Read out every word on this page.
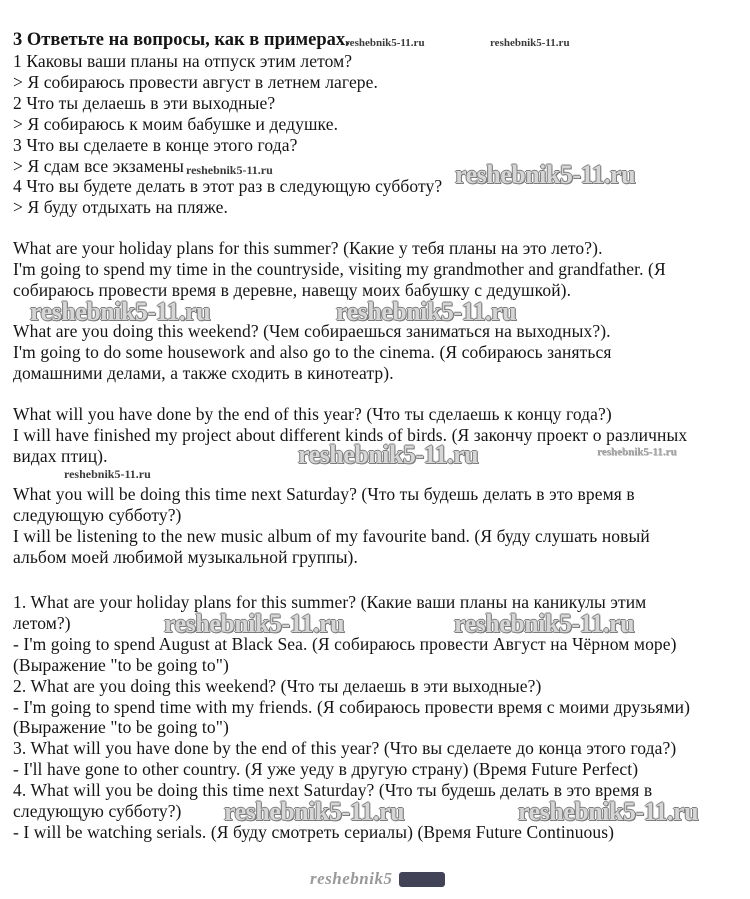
3 Ответьте на вопросы, как в примерах.
1 Каковы ваши планы на отпуск этим летом?
> Я собираюсь провести август в летнем лагере.
2 Что ты делаешь в эти выходные?
> Я собираюсь к моим бабушке и дедушке.
3 Что вы сделаете в конце этого года?
> Я сдам все экзамены
4 Что вы будете делать в этот раз в следующую субботу?
> Я буду отдыхать на пляже.
What are your holiday plans for this summer? (Какие у тебя планы на это лето?).
I'm going to spend my time in the countryside, visiting my grandmother and grandfather. (Я
собираюсь провести время в деревне, навещу моих бабушку с дедушкой).
What are you doing this weekend? (Чем собираешься заниматься на выходных?).
I'm going to do some housework and also go to the cinema. (Я собираюсь заняться
домашними делами, а также сходить в кинотеатр).
What will you have done by the end of this year? (Что ты сделаешь к концу года?)
I will have finished my project about different kinds of birds. (Я закончу проект о различных
видах птиц).
What you will be doing this time next Saturday? (Что ты будешь делать в это время в
следующую субботу?)
I will be listening to the new music album of my favourite band. (Я буду слушать новый
альбом моей любимой музыкальной группы).
1. What are your holiday plans for this summer? (Какие ваши планы на каникулы этим
летом?)
- I'm going to spend August at Black Sea. (Я собираюсь провести Август на Чёрном море)
(Выражение "to be going to")
2. What are you doing this weekend? (Что ты делаешь в эти выходные?)
- I'm going to spend time with my friends. (Я собираюсь провести время с моими друзьями)
(Выражение "to be going to")
3. What will you have done by the end of this year? (Что вы сделаете до конца этого года?)
- I'll have gone to other country. (Я уже уеду в другую страну) (Время Future Perfect)
4. What will you be doing this time next Saturday? (Что ты будешь делать в это время в
следующую субботу?)
- I will be watching serials. (Я буду смотреть сериалы) (Время Future Continuous)
reshebnik5-11.ru	reshebnik5-11.ru
reshebnik5-11.ru	reshebnik5-11.ru
reshebnik5-11.ru	reshebnik5-11.ru
reshebnik5-11.ru	reshebnik5-11.ru
reshebnik5-11.ru
reshebnik5-11.ru	reshebnik5-11.ru
reshebnik5-11.ru	reshebnik5-11.ru
reshebnik5
